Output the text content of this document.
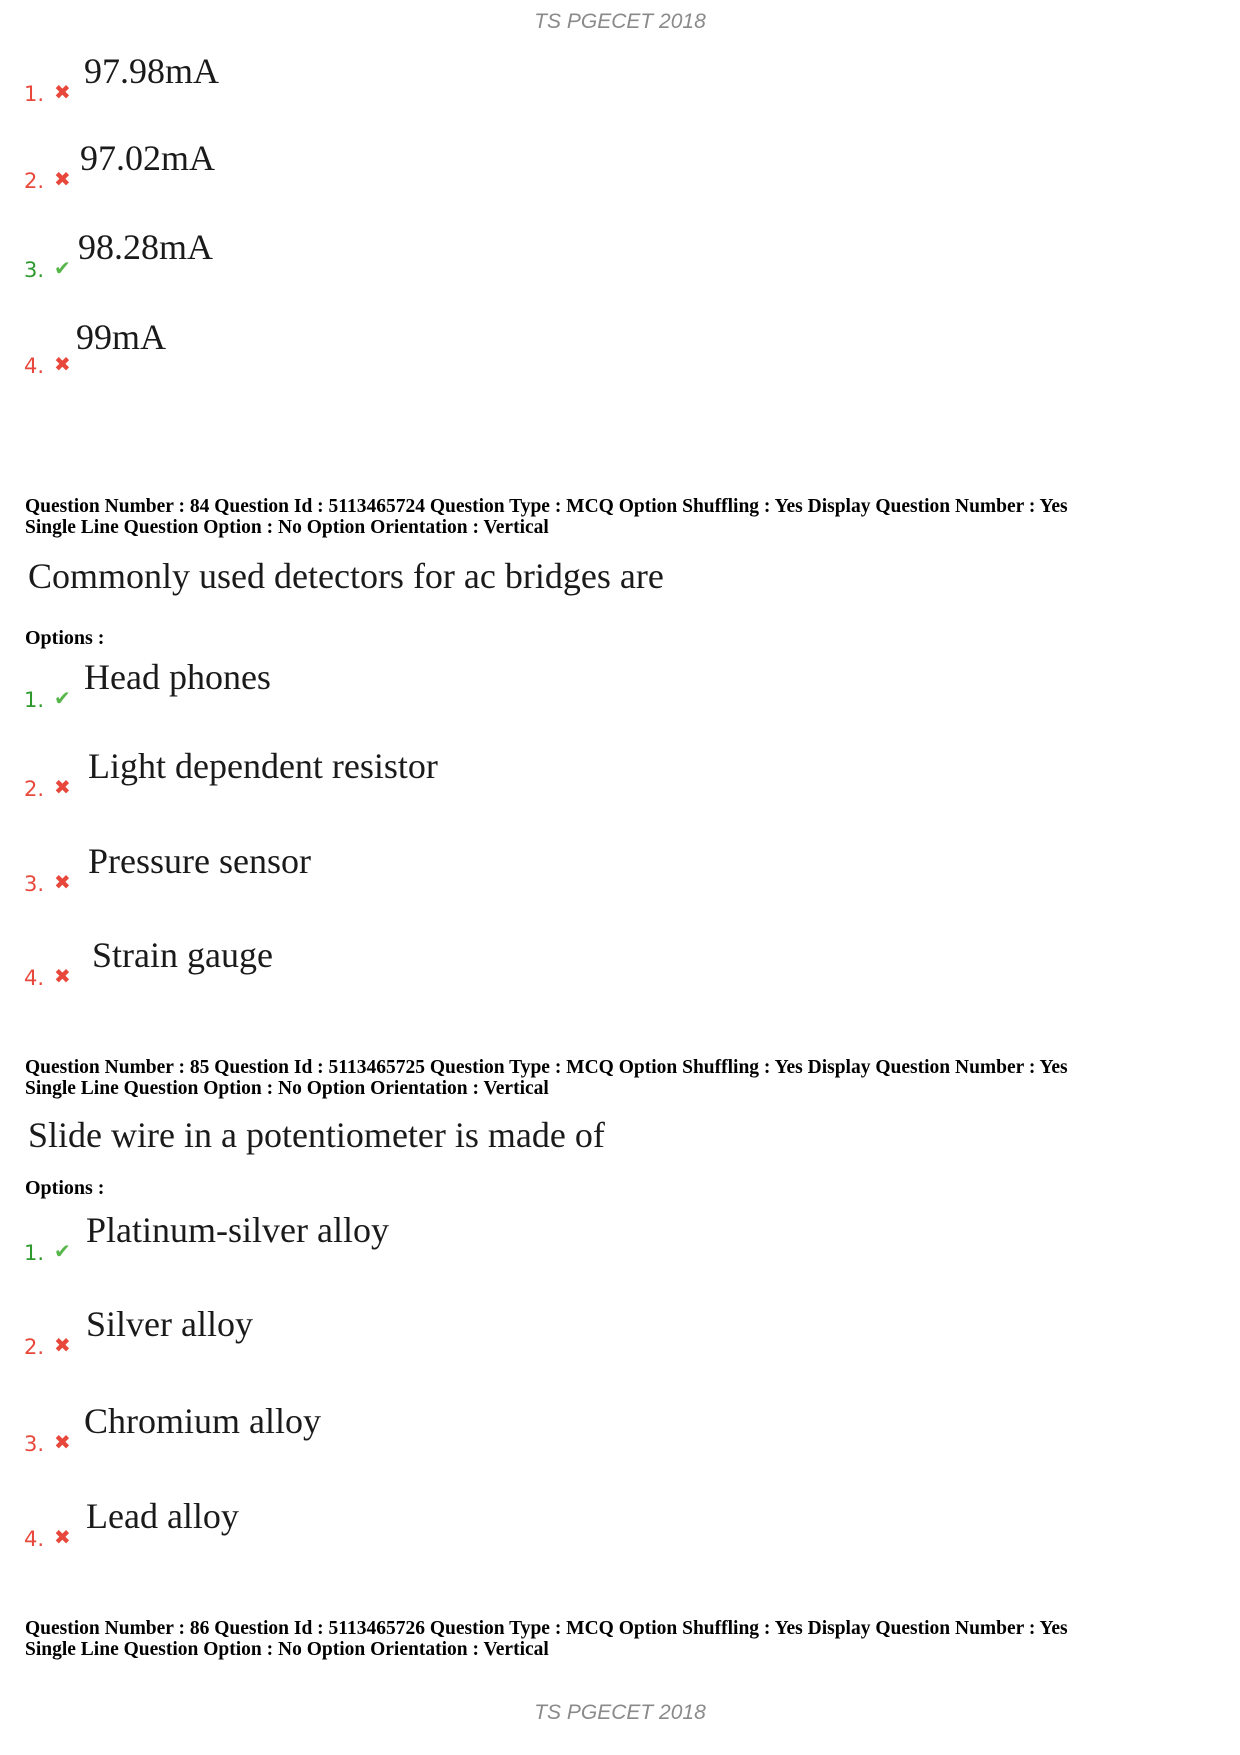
TS PGECET 2018
1. ✖
97.98mA
2. ✖
97.02mA
3. ✔
98.28mA
4. ✖
99mA
Question Number : 84 Question Id : 5113465724 Question Type : MCQ Option Shuffling : Yes Display Question Number : Yes
Single Line Question Option : No Option Orientation : Vertical
Commonly used detectors for ac bridges are
Options :
1. ✔
Head phones
2. ✖
Light dependent resistor
3. ✖
Pressure sensor
4. ✖
Strain gauge
Question Number : 85 Question Id : 5113465725 Question Type : MCQ Option Shuffling : Yes Display Question Number : Yes
Single Line Question Option : No Option Orientation : Vertical
Slide wire in a potentiometer is made of
Options :
1. ✔
Platinum-silver alloy
2. ✖
Silver alloy
3. ✖
Chromium alloy
4. ✖
Lead alloy
Question Number : 86 Question Id : 5113465726 Question Type : MCQ Option Shuffling : Yes Display Question Number : Yes
Single Line Question Option : No Option Orientation : Vertical
TS PGECET 2018
